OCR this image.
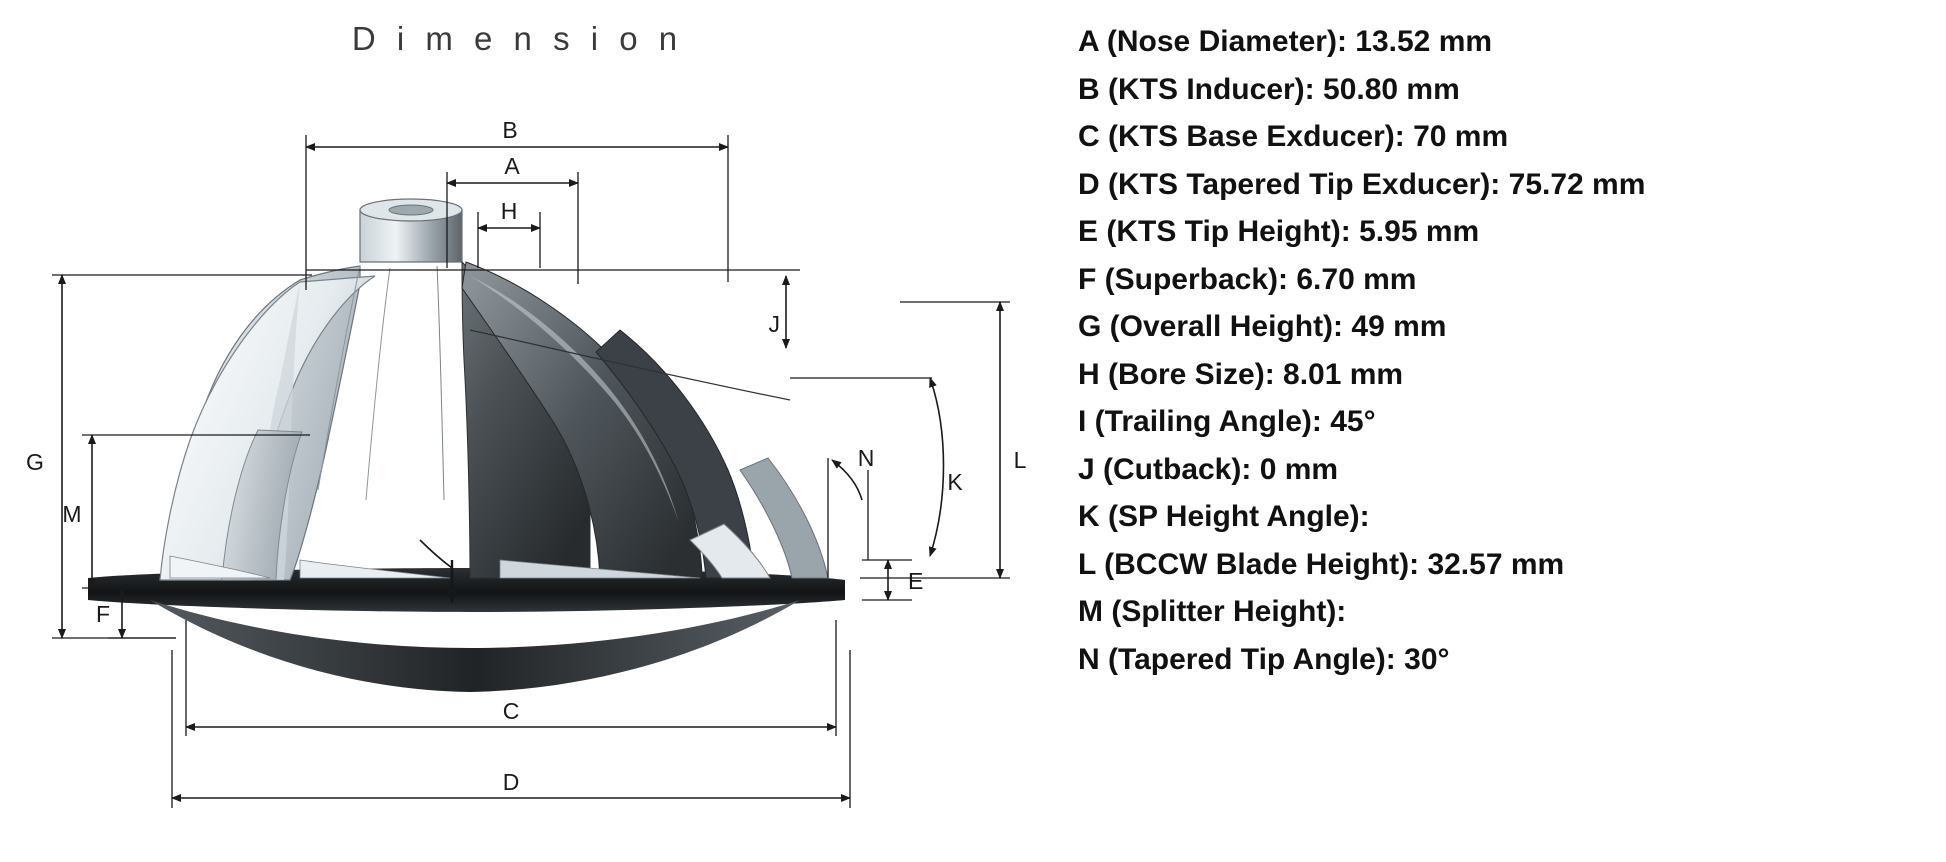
D i m e n s i o n
B
A
H
G
M
F
C
D
J
L
K
N
E
A (Nose Diameter): 13.52 mm
B (KTS Inducer): 50.80 mm
C (KTS Base Exducer): 70 mm
D (KTS Tapered Tip Exducer): 75.72 mm
E (KTS Tip Height): 5.95 mm
F (Superback): 6.70 mm
G (Overall Height): 49 mm
H (Bore Size): 8.01 mm
I (Trailing Angle): 45°
J (Cutback): 0 mm
K (SP Height Angle):
L (BCCW Blade Height): 32.57 mm
M (Splitter Height):
N (Tapered Tip Angle): 30°
